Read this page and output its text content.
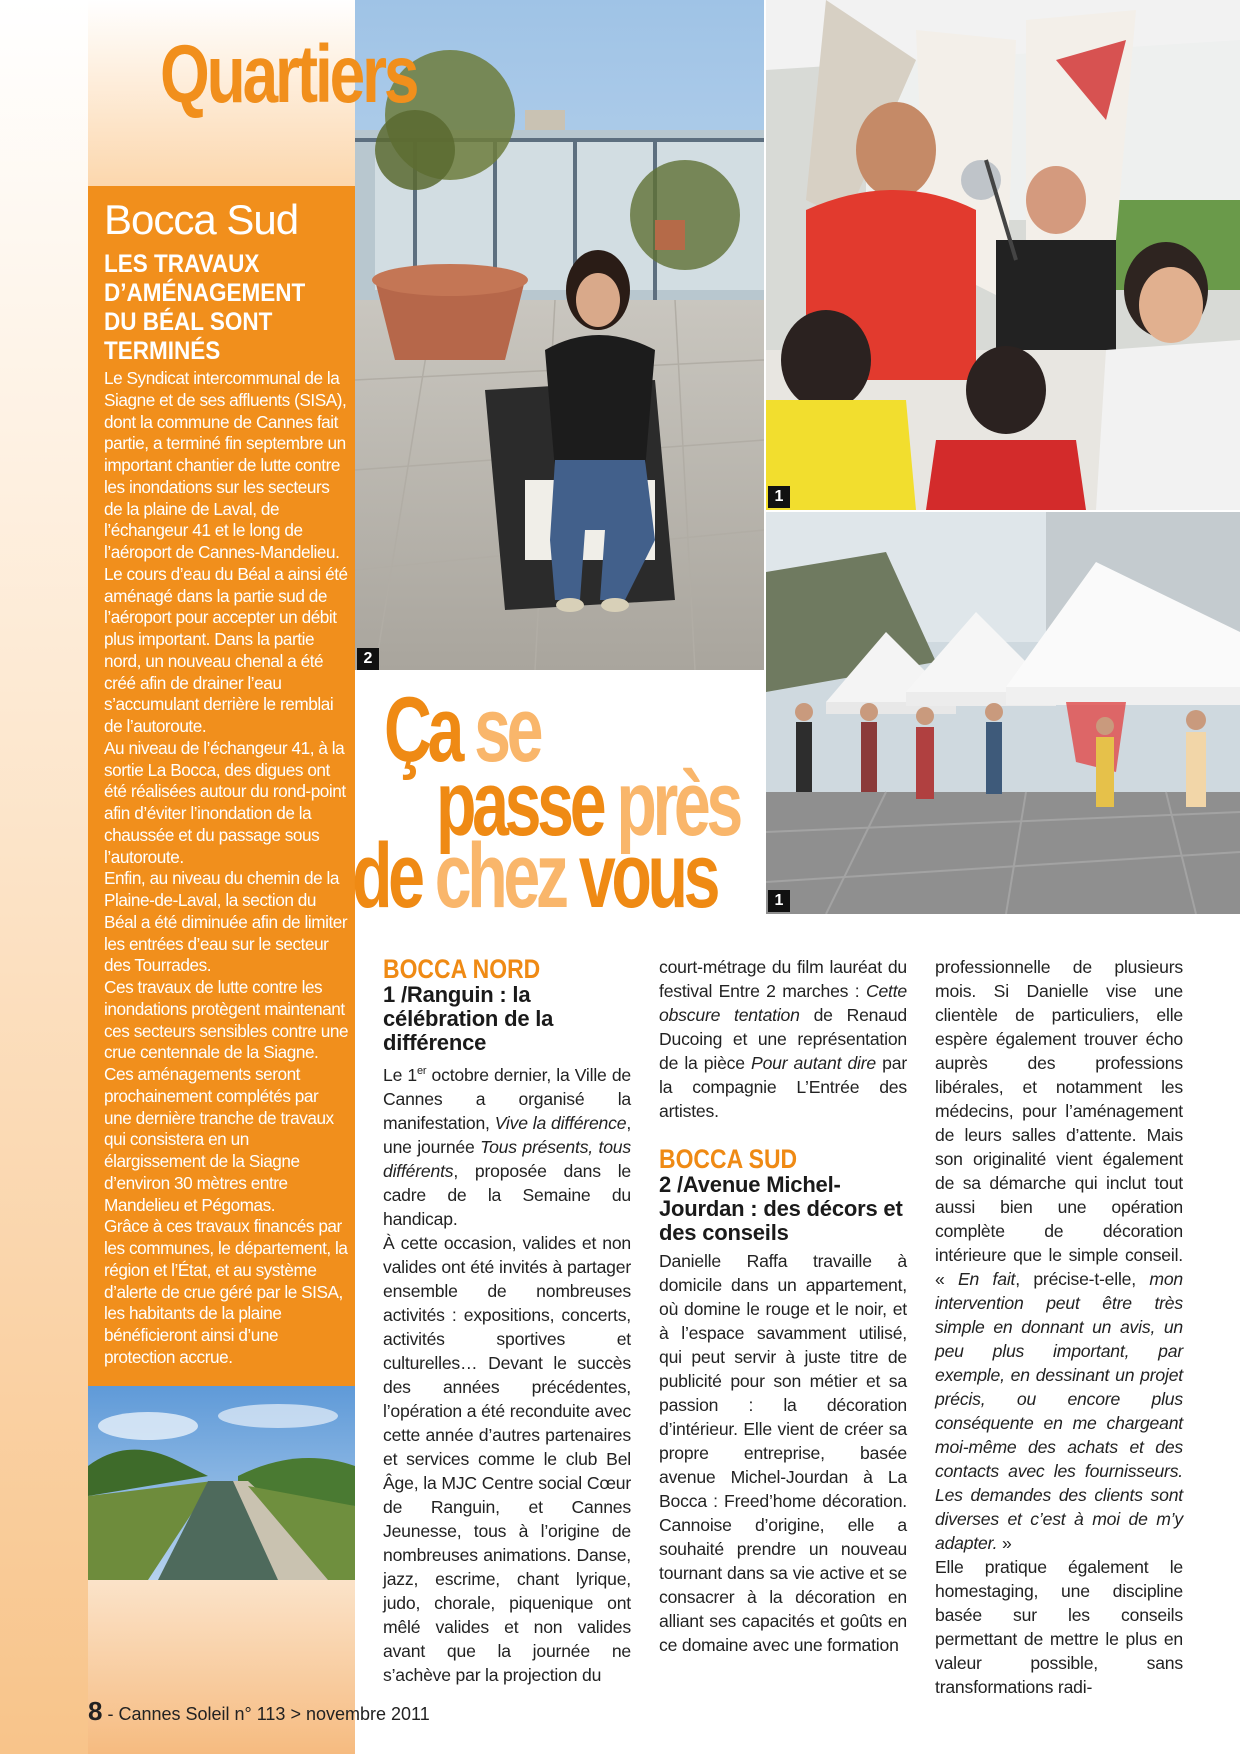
2
1
1
Quartiers
Bocca Sud
LES TRAVAUX D’AMÉNAGEMENT DU BÉAL SONT TERMINÉS

Le Syndicat intercommunal de la Siagne et de ses affluents (SISA), dont la commune de Cannes fait partie, a terminé fin septembre un important chantier de lutte contre les inondations sur les secteurs de la plaine de Laval, de l’échangeur 41 et le long de l’aéroport de Cannes-Mandelieu.

Le cours d’eau du Béal a ainsi été aménagé dans la partie sud de l’aéroport pour accepter un débit plus important. Dans la partie nord, un nouveau chenal a été créé afin de drainer l’eau s’accumulant derrière le remblai de l’autoroute.

Au niveau de l’échangeur 41, à la sortie La Bocca, des digues ont été réalisées autour du rond-point afin d’éviter l’inondation de la chaussée et du passage sous l’autoroute.

Enfin, au niveau du chemin de la Plaine-de-Laval, la section du Béal a été diminuée afin de limiter les entrées d’eau sur le secteur des Tourrades.

Ces travaux de lutte contre les inondations protègent maintenant ces secteurs sensibles contre une crue centennale de la Siagne.

Ces aménagements seront prochainement complétés par une dernière tranche de travaux qui consistera en un élargissement de la Siagne d’environ 30 mètres entre Mandelieu et Pégomas.

Grâce à ces travaux financés par les communes, le département, la région et l’État, et au système d’alerte de crue géré par le SISA, les habitants de la plaine bénéficieront ainsi d’une protection accrue.

Ça se
passe près
de chez vous
BOCCA NORD
1 /Ranguin : la célébration de la différence

Le 1er octobre dernier, la Ville de Cannes a organisé la manifestation, Vive la différence, une journée Tous présents, tous différents, proposée dans le cadre de la Semaine du handicap.

À cette occasion, valides et non valides ont été invités à partager ensemble de nombreuses activités : expositions, concerts, activités sportives et culturelles… Devant le succès des années précédentes, l’opération a été reconduite avec cette année d’autres partenaires et services comme le club Bel Âge, la MJC Centre social Cœur de Ranguin, et Cannes Jeunesse, tous à l’origine de nombreuses animations. Danse, jazz, escrime, chant lyrique, judo, chorale, piquenique ont mêlé valides et non valides avant que la journée ne s’achève par la projection du

court-métrage du film lauréat du festival Entre 2 marches : Cette obscure tentation de Renaud Ducoing et une représentation de la pièce Pour autant dire par la compagnie L’Entrée des artistes.

BOCCA SUD
2 /Avenue Michel-Jourdan : des décors et des conseils

Danielle Raffa travaille à domicile dans un appartement, où domine le rouge et le noir, et à l’espace savamment utilisé, qui peut servir à juste titre de publicité pour son métier et sa passion : la décoration d’intérieur. Elle vient de créer sa propre entreprise, basée avenue Michel-Jourdan à La Bocca : Freed’home décoration. Cannoise d’origine, elle a souhaité prendre un nouveau tournant dans sa vie active et se consacrer à la décoration en alliant ses capacités et goûts en ce domaine avec une formation

professionnelle de plusieurs mois. Si Danielle vise une clientèle de particuliers, elle espère également trouver écho auprès des professions libérales, et notamment les médecins, pour l’aménagement de leurs salles d’attente. Mais son originalité vient également de sa démarche qui inclut tout aussi bien une opération complète de décoration intérieure que le simple conseil. « En fait, précise-t-elle, mon intervention peut être très simple en donnant un avis, un peu plus important, par exemple, en dessinant un projet précis, ou encore plus conséquente en me chargeant moi-même des achats et des contacts avec les fournisseurs. Les demandes des clients sont diverses et c’est à moi de m’y adapter. »

Elle pratique également le homestaging, une discipline basée sur les conseils permettant de mettre le plus en valeur possible, sans transformations radi-

8 - Cannes Soleil n° 113 > novembre 2011
